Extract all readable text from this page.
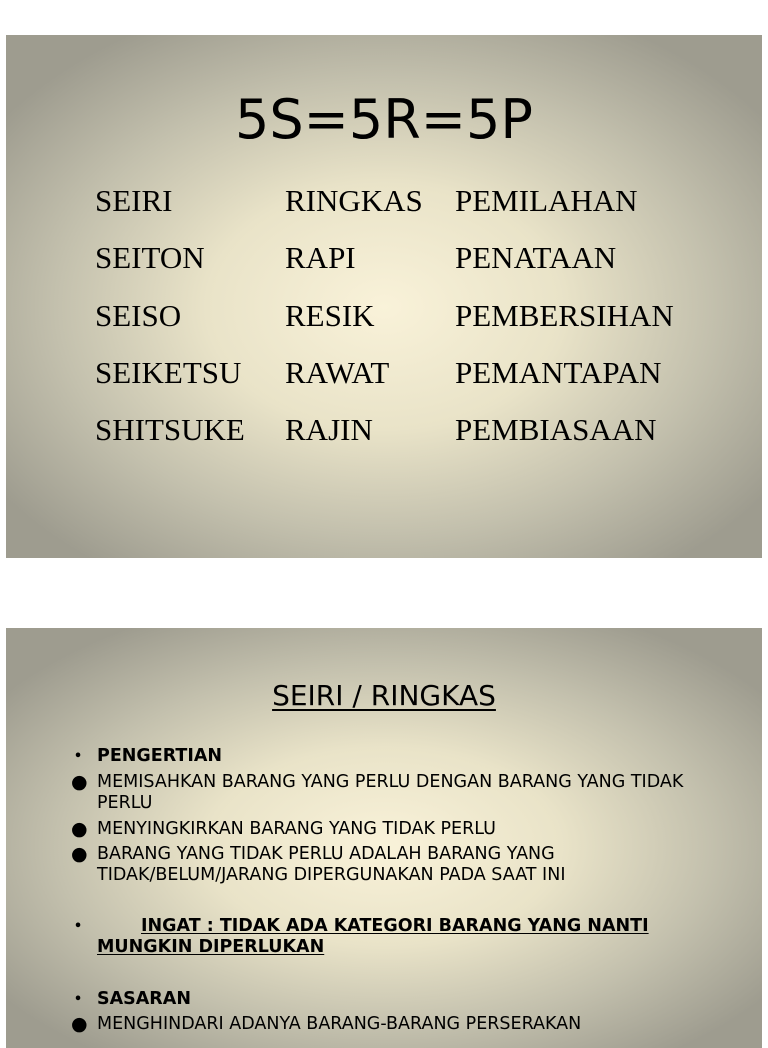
5S=5R=5P
SEIRI	RINGKAS PEMILAHAN
SEITON	RAPI	PENATAAN
SEISO	RESIK	PEMBERSIHAN
SEIKETSU RAWAT PEMANTAPAN
SHITSUKE RAJIN	PEMBIASAAN
SEIRI / RINGKAS
• PENGERTIAN
● MEMISAHKAN BARANG YANG PERLU DENGAN BARANG YANG TIDAK PERLU
● MENYINGKIRKAN BARANG YANG TIDAK PERLU
● BARANG YANG TIDAK PERLU ADALAH BARANG YANG TIDAK/BELUM/JARANG DIPERGUNAKAN PADA SAAT INI
•	INGAT : TIDAK ADA KATEGORI BARANG YANG NANTI MUNGKIN DIPERLUKAN
• SASARAN
● MENGHINDARI ADANYA BARANG-BARANG PERSERAKAN
